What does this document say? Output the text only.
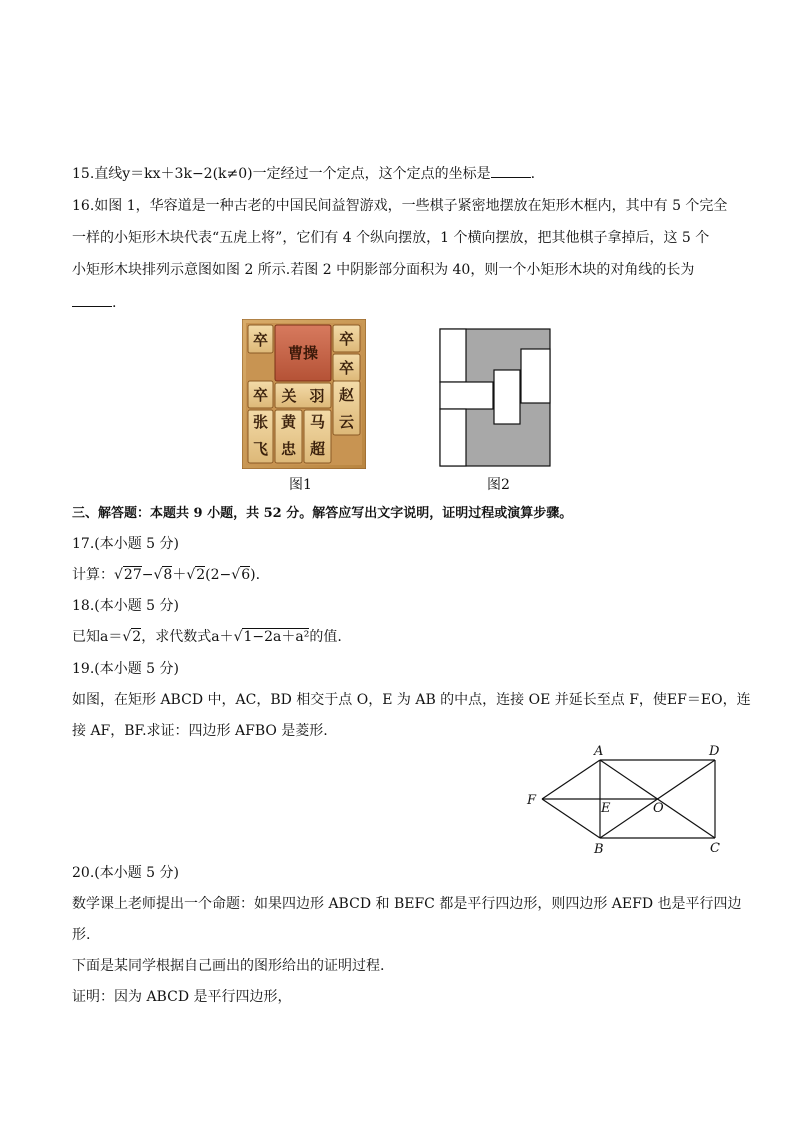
15.直线y＝kx＋3k−2(k≠0)一定经过一个定点，这个定点的坐标是	.
16.如图 1，华容道是一种古老的中国民间益智游戏，一些棋子紧密地摆放在矩形木框内，其中有 5 个完全
一样的小矩形木块代表“五虎上将”，它们有 4 个纵向摆放，1 个横向摆放，把其他棋子拿掉后，这 5 个
小矩形木块排列示意图如图 2 所示.若图 2 中阴影部分面积为 40，则一个小矩形木块的对角线的长为
.
卒
曹操
卒
卒
卒 关 羽 赵
云
张
飞
黄
忠
马
超
图1	图2
三、解答题：本题共 9 小题，共 52 分。解答应写出文字说明，证明过程或演算步骤。
17.(本小题 5 分)
计算：√27−√8＋√2(2−√6).
18.(本小题 5 分)
已知a＝√2，求代数式a＋√1−2a＋a²的值.
19.(本小题 5 分)
如图，在矩形 ABCD 中，AC，BD 相交于点 O，E 为 AB 的中点，连接 OE 并延长至点 F，使EF＝EO，连
接 AF，BF.求证：四边形 AFBO 是菱形.
A	D
B	C
F
E	O
20.(本小题 5 分)
数学课上老师提出一个命题：如果四边形 ABCD 和 BEFC 都是平行四边形，则四边形 AEFD 也是平行四边
形.
下面是某同学根据自己画出的图形给出的证明过程.
证明：因为 ABCD 是平行四边形，
